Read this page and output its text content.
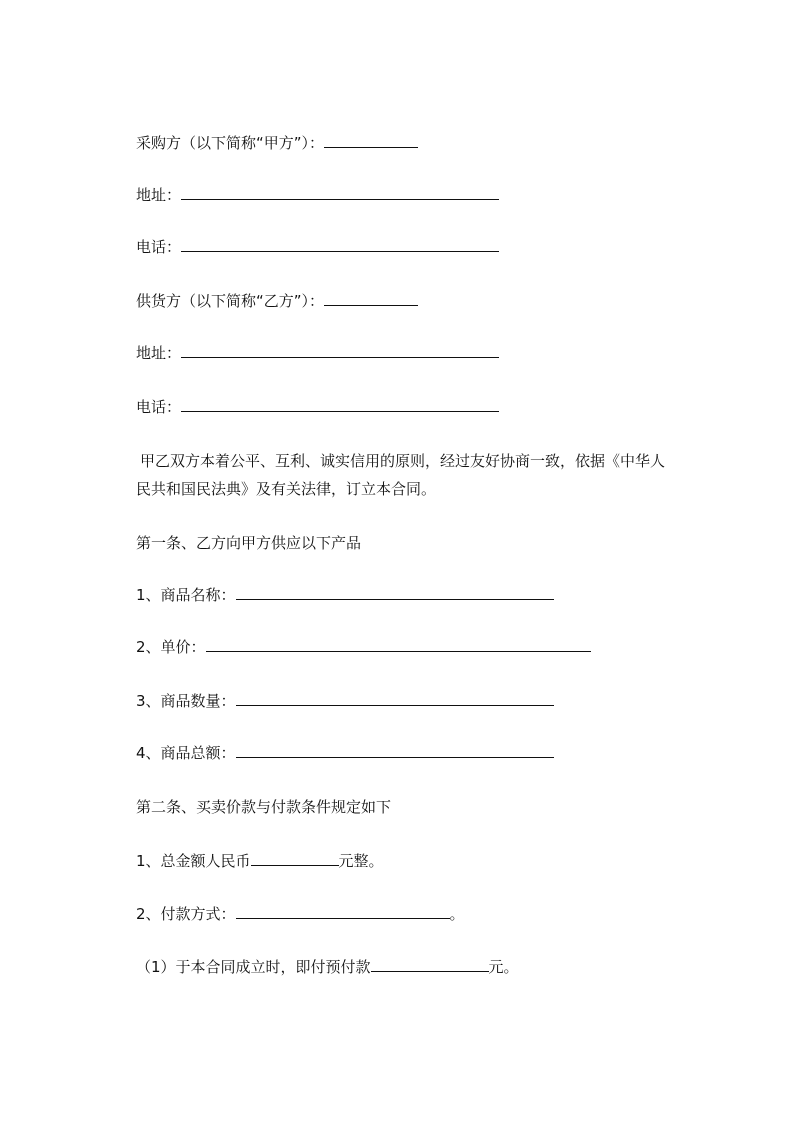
采购方（以下简称“甲方”）：
地址：
电话：
供货方（以下简称“乙方”）：
地址：
电话：
甲乙双方本着公平、互利、诚实信用的原则，经过友好协商一致，依据《中华人
民共和国民法典》及有关法律，订立本合同。
第一条、乙方向甲方供应以下产品
1、商品名称：
2、单价：
3、商品数量：
4、商品总额：
第二条、买卖价款与付款条件规定如下
1、总金额人民币	元整。
2、付款方式：	。
（1）于本合同成立时，即付预付款	元。
